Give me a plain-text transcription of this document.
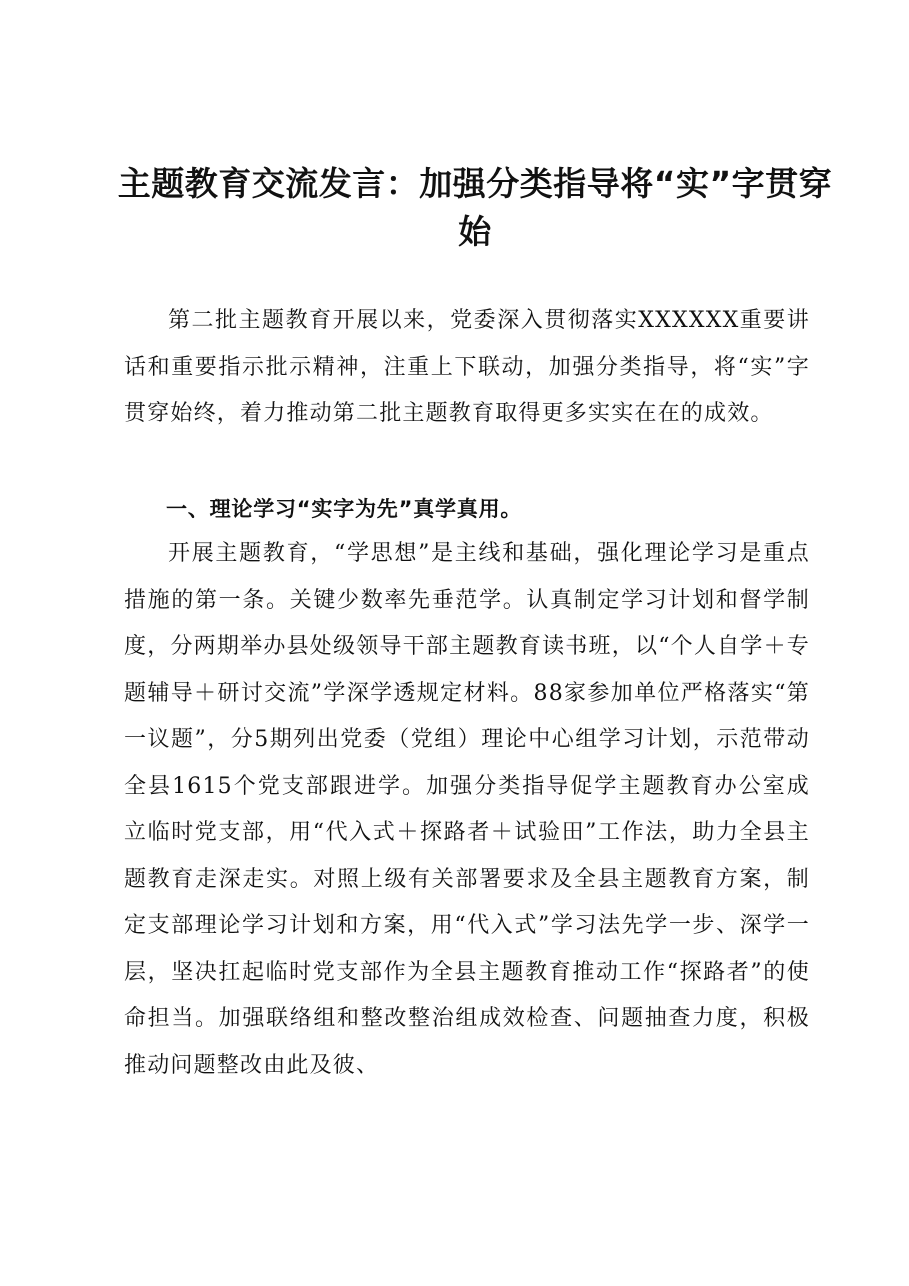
主题教育交流发言：加强分类指导将“实”字贯穿始

第二批主题教育开展以来，党委深入贯彻落实XXXXXX重要讲话和重要指示批示精神，注重上下联动，加强分类指导，将“实”字贯穿始终，着力推动第二批主题教育取得更多实实在在的成效。

一、理论学习“实字为先”真学真用。

开展主题教育，“学思想”是主线和基础，强化理论学习是重点措施的第一条。关键少数率先垂范学。认真制定学习计划和督学制度，分两期举办县处级领导干部主题教育读书班，以“个人自学＋专题辅导＋研讨交流”学深学透规定材料。88家参加单位严格落实“第一议题”，分5期列出党委（党组）理论中心组学习计划，示范带动全县1615个党支部跟进学。加强分类指导促学主题教育办公室成立临时党支部，用“代入式＋探路者＋试验田”工作法，助力全县主题教育走深走实。对照上级有关部署要求及全县主题教育方案，制定支部理论学习计划和方案，用“代入式”学习法先学一步、深学一层，坚决扛起临时党支部作为全县主题教育推动工作“探路者”的使命担当。加强联络组和整改整治组成效检查、问题抽查力度，积极推动问题整改由此及彼、
